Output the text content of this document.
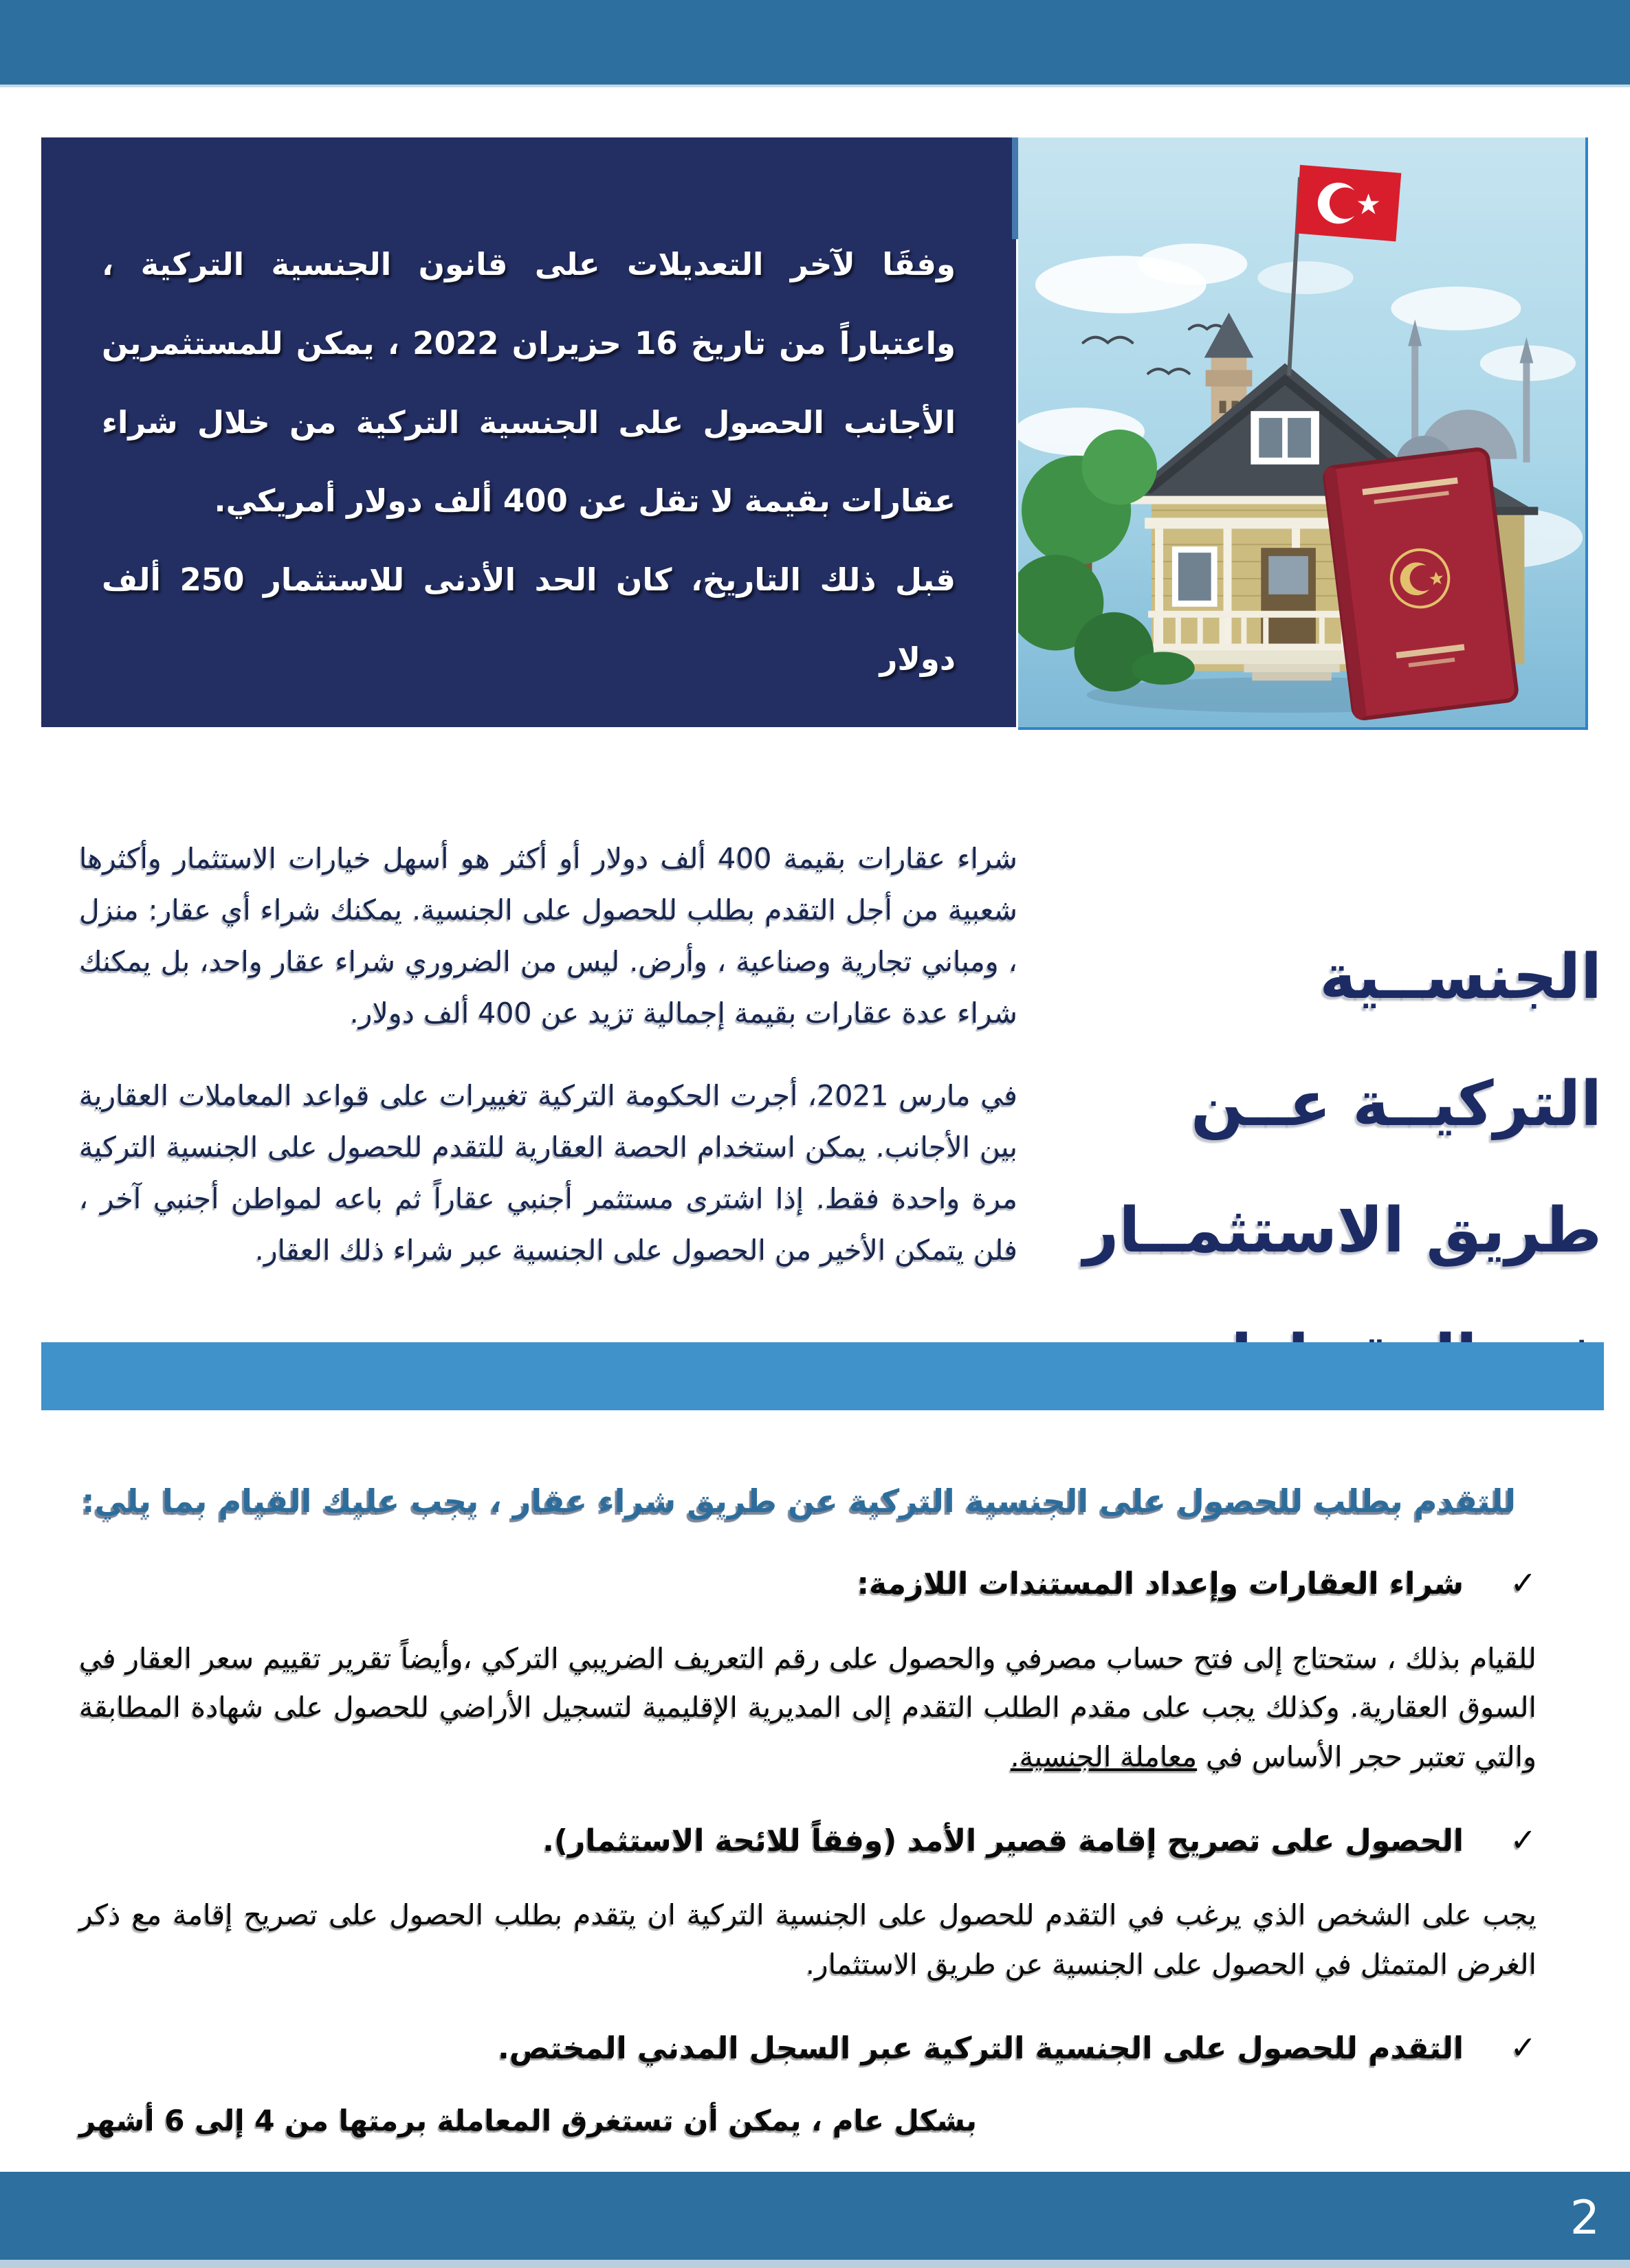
وفقَا لآخر التعديلات على قانون الجنسية التركية ، واعتباراً من تاريخ 16 حزيران 2022 ، يمكن للمستثمرين الأجانب الحصول على الجنسية التركية من خلال شراء عقارات بقيمة لا تقل عن 400 ألف دولار أمريكي.

قبل ذلك التاريخ، كان الحد الأدنى للاستثمار 250 ألف دولار

شراء عقارات بقيمة 400 ألف دولار أو أكثر هو أسهل خيارات الاستثمار وأكثرها شعبية من أجل التقدم بطلب للحصول على الجنسية. يمكنك شراء أي عقار: منزل ، ومباني تجارية وصناعية ، وأرض. ليس من الضروري شراء عقار واحد، بل يمكنك شراء عدة عقارات بقيمة إجمالية تزيد عن 400 ألف دولار.

في مارس 2021، أجرت الحكومة التركية تغييرات على قواعد المعاملات العقارية بين الأجانب. يمكن استخدام الحصة العقارية للتقدم للحصول على الجنسية التركية مرة واحدة فقط. إذا اشترى مستثمر أجنبي عقاراً ثم باعه لمواطن أجنبي آخر ، فلن يتمكن الأخير من الحصول على الجنسية عبر شراء ذلك العقار.

الجنســية التركيــة عــن
طريق الاستثمــار
للتقدم بطلب للحصول على الجنسية التركية عن طريق شراء عقار ، يجب عليك القيام بما يلي:
✓ شراء العقارات وإعداد المستندات اللازمة:

للقيام بذلك ، ستحتاج إلى فتح حساب مصرفي والحصول على رقم التعريف الضريبي التركي ،وأيضاً تقرير تقييم سعر العقار في السوق العقارية. وكذلك يجب على مقدم الطلب التقدم إلى المديرية الإقليمية لتسجيل الأراضي للحصول على شهادة المطابقة والتي تعتبر حجر الأساس في معاملة الجنسية.

✓ الحصول على تصريح إقامة قصير الأمد (وفقاً للائحة الاستثمار).

يجب على الشخص الذي يرغب في التقدم للحصول على الجنسية التركية ان يتقدم بطلب الحصول على تصريح إقامة مع ذكر الغرض المتمثل في الحصول على الجنسية عن طريق الاستثمار.

✓ التقدم للحصول على الجنسية التركية عبر السجل المدني المختص.

بشكل عام ، يمكن أن تستغرق المعاملة برمتها من 4 إلى 6 أشهر

2
